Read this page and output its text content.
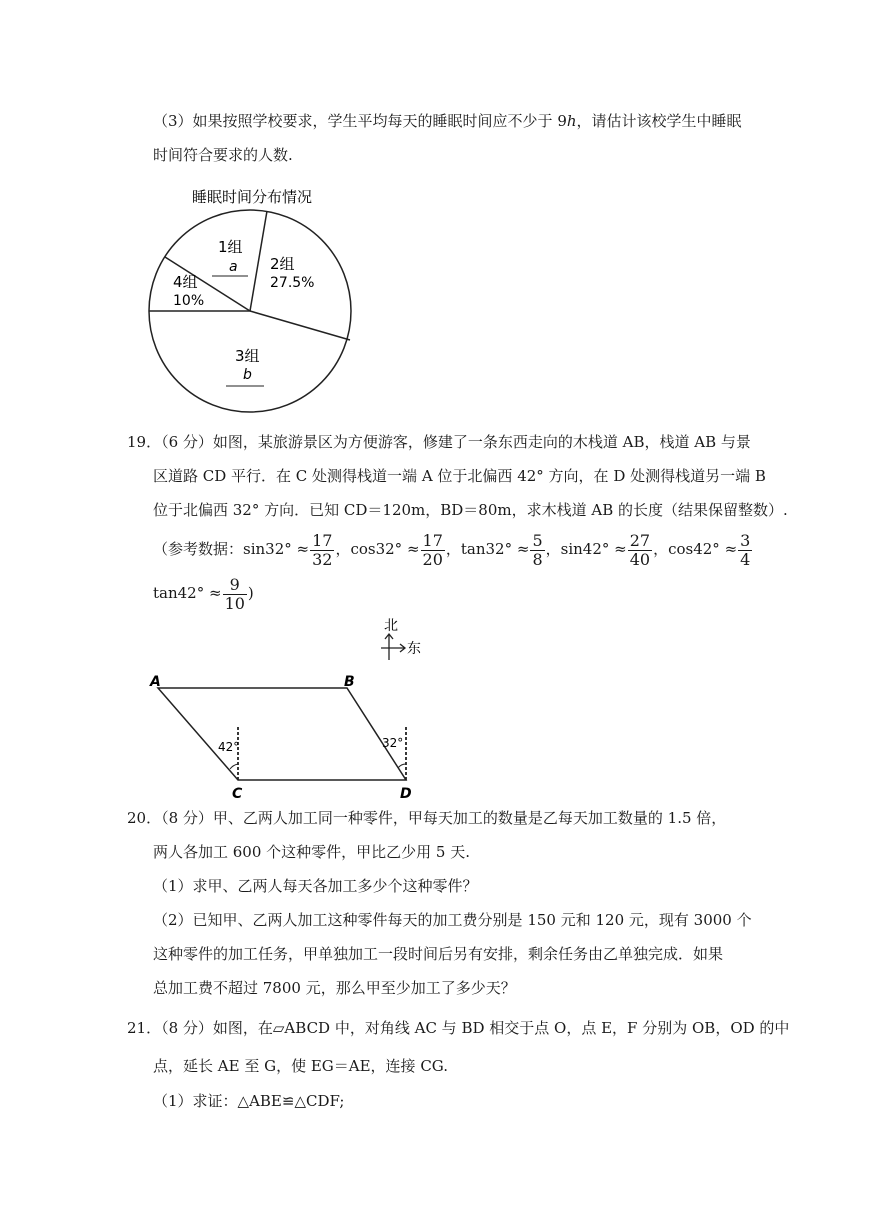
（3）如果按照学校要求，学生平均每天的睡眠时间应不少于 9h，请估计该校学生中睡眠
时间符合要求的人数.
睡眠时间分布情况
1组
a 2组
27.5%
3组
b
4组
10%
19．（6 分）如图，某旅游景区为方便游客，修建了一条东西走向的木栈道 AB，栈道 AB 与景
区道路 CD 平行．在 C 处测得栈道一端 A 位于北偏西 42° 方向，在 D 处测得栈道另一端 B
位于北偏西 32° 方向．已知 CD＝120m，BD＝80m，求木栈道 AB 的长度（结果保留整数）.
（参考数据：$\sin 32^\circ \approx \frac{17}{32}$ ，$\cos 32^\circ \approx \frac{17}{20}$ ，$\tan 32^\circ \approx \frac{5}{8}$ ，$\sin 42^\circ \approx \frac{27}{40}$ ，$\cos 42^\circ \approx \frac{3}{4}$
$\tan 42^\circ \approx \frac{9}{10}$ )
北
东
42°	32°
A	B
C	D
20．（8 分）甲、乙两人加工同一种零件，甲每天加工的数量是乙每天加工数量的 1.5 倍，
两人各加工 600 个这种零件，甲比乙少用 5 天.
（1）求甲、乙两人每天各加工多少个这种零件？
（2）已知甲、乙两人加工这种零件每天的加工费分别是 150 元和 120 元，现有 3000 个
这种零件的加工任务，甲单独加工一段时间后另有安排，剩余任务由乙单独完成．如果
总加工费不超过 7800 元，那么甲至少加工了多少天？
21．（8 分）如图，在▱ABCD 中，对角线 AC 与 BD 相交于点 O，点 E，F 分别为 OB，OD 的中
点，延长 AE 至 G，使 EG＝AE，连接 CG.
（1）求证：△ABE≌△CDF;
